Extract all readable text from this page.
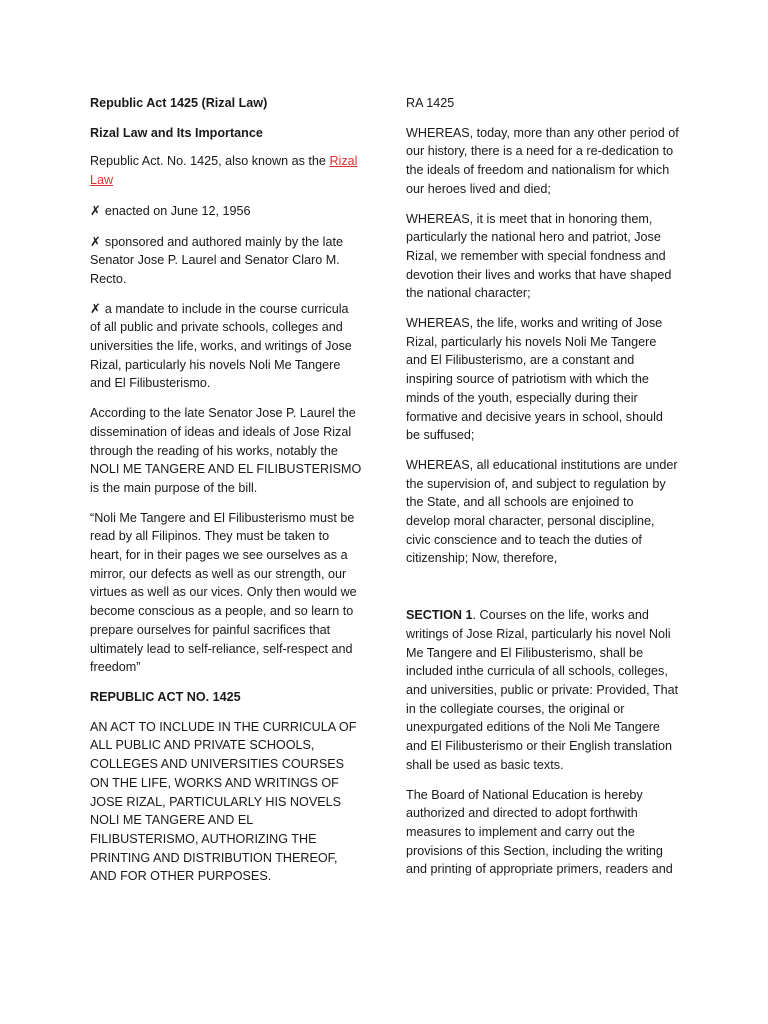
Republic Act 1425 (Rizal Law)

Rizal Law and Its Importance

Republic Act. No. 1425, also known as the Rizal Law

✗ enacted on June 12, 1956

✗ sponsored and authored mainly by the late Senator Jose P. Laurel and Senator Claro M. Recto.

✗ a mandate to include in the course curricula of all public and private schools, colleges and universities the life, works, and writings of Jose Rizal, particularly his novels Noli Me Tangere and El Filibusterismo.

According to the late Senator Jose P. Laurel the dissemination of ideas and ideals of Jose Rizal through the reading of his works, notably the NOLI ME TANGERE AND EL FILIBUSTERISMO is the main purpose of the bill.

“Noli Me Tangere and El Filibusterismo must be read by all Filipinos. They must be taken to heart, for in their pages we see ourselves as a mirror, our defects as well as our strength, our virtues as well as our vices. Only then would we become conscious as a people, and so learn to prepare ourselves for painful sacrifices that ultimately lead to self-reliance, self-respect and freedom”

REPUBLIC ACT NO. 1425

AN ACT TO INCLUDE IN THE CURRICULA OF ALL PUBLIC AND PRIVATE SCHOOLS, COLLEGES AND UNIVERSITIES COURSES ON THE LIFE, WORKS AND WRITINGS OF JOSE RIZAL, PARTICULARLY HIS NOVELS NOLI ME TANGERE AND EL FILIBUSTERISMO, AUTHORIZING THE PRINTING AND DISTRIBUTION THEREOF, AND FOR OTHER PURPOSES.

RA 1425

WHEREAS, today, more than any other period of our history, there is a need for a re-dedication to the ideals of freedom and nationalism for which our heroes lived and died;

WHEREAS, it is meet that in honoring them, particularly the national hero and patriot, Jose Rizal, we remember with special fondness and devotion their lives and works that have shaped the national character;

WHEREAS, the life, works and writing of Jose Rizal, particularly his novels Noli Me Tangere and El Filibusterismo, are a constant and inspiring source of patriotism with which the minds of the youth, especially during their formative and decisive years in school, should be suffused;

WHEREAS, all educational institutions are under the supervision of, and subject to regulation by the State, and all schools are enjoined to develop moral character, personal discipline, civic conscience and to teach the duties of citizenship; Now, therefore,

SECTION 1. Courses on the life, works and writings of Jose Rizal, particularly his novel Noli Me Tangere and El Filibusterismo, shall be included inthe curricula of all schools, colleges, and universities, public or private: Provided, That in the collegiate courses, the original or unexpurgated editions of the Noli Me Tangere and El Filibusterismo or their English translation shall be used as basic texts.

The Board of National Education is hereby authorized and directed to adopt forthwith measures to implement and carry out the provisions of this Section, including the writing and printing of appropriate primers, readers and
